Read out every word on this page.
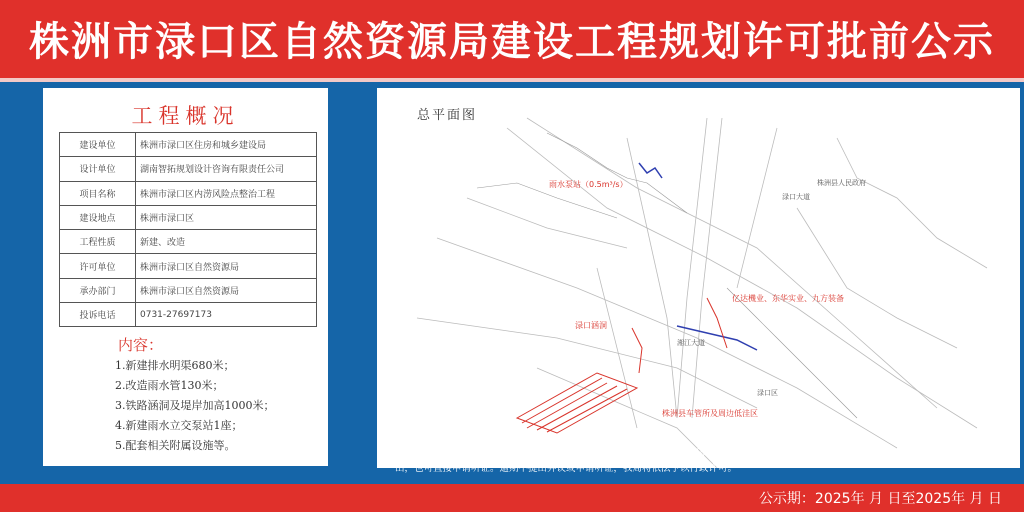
株洲市渌口区自然资源局建设工程规划许可批前公示
工程概况
建设单位	株洲市渌口区住房和城乡建设局
设计单位	湖南智拓规划设计咨询有限责任公司
项目名称	株洲市渌口区内涝风险点整治工程
建设地点	株洲市渌口区
工程性质	新建、改造
许可单位	株洲市渌口区自然资源局
承办部门	株洲市渌口区自然资源局
投诉电话	0731-27697173
内容：
1.新建排水明渠680米；
2.改造雨水管130米；
3.铁路涵洞及堤岸加高1000米；
4.新建雨水立交泵站1座；
5.配套相关附属设施等。
总平面图
雨水泵站（0.5m³/s）
亿达機业、东华实业、九方装备
渌口涵洞
株洲县车管所及周边低洼区
渌口大道
湘江大道
株洲县人民政府
渌口区
该工程建设项目工程规划控制要求等已经我局初步审核。现予公示。相邻单位及个人对上方案如有异议，请在7个工作日内向我局以书面形式提出，也可直接申请听证。逾期不提出异议或申请听证，我局将依法予以行政许可。
公示期：2025年 月 日至2025年 月 日
